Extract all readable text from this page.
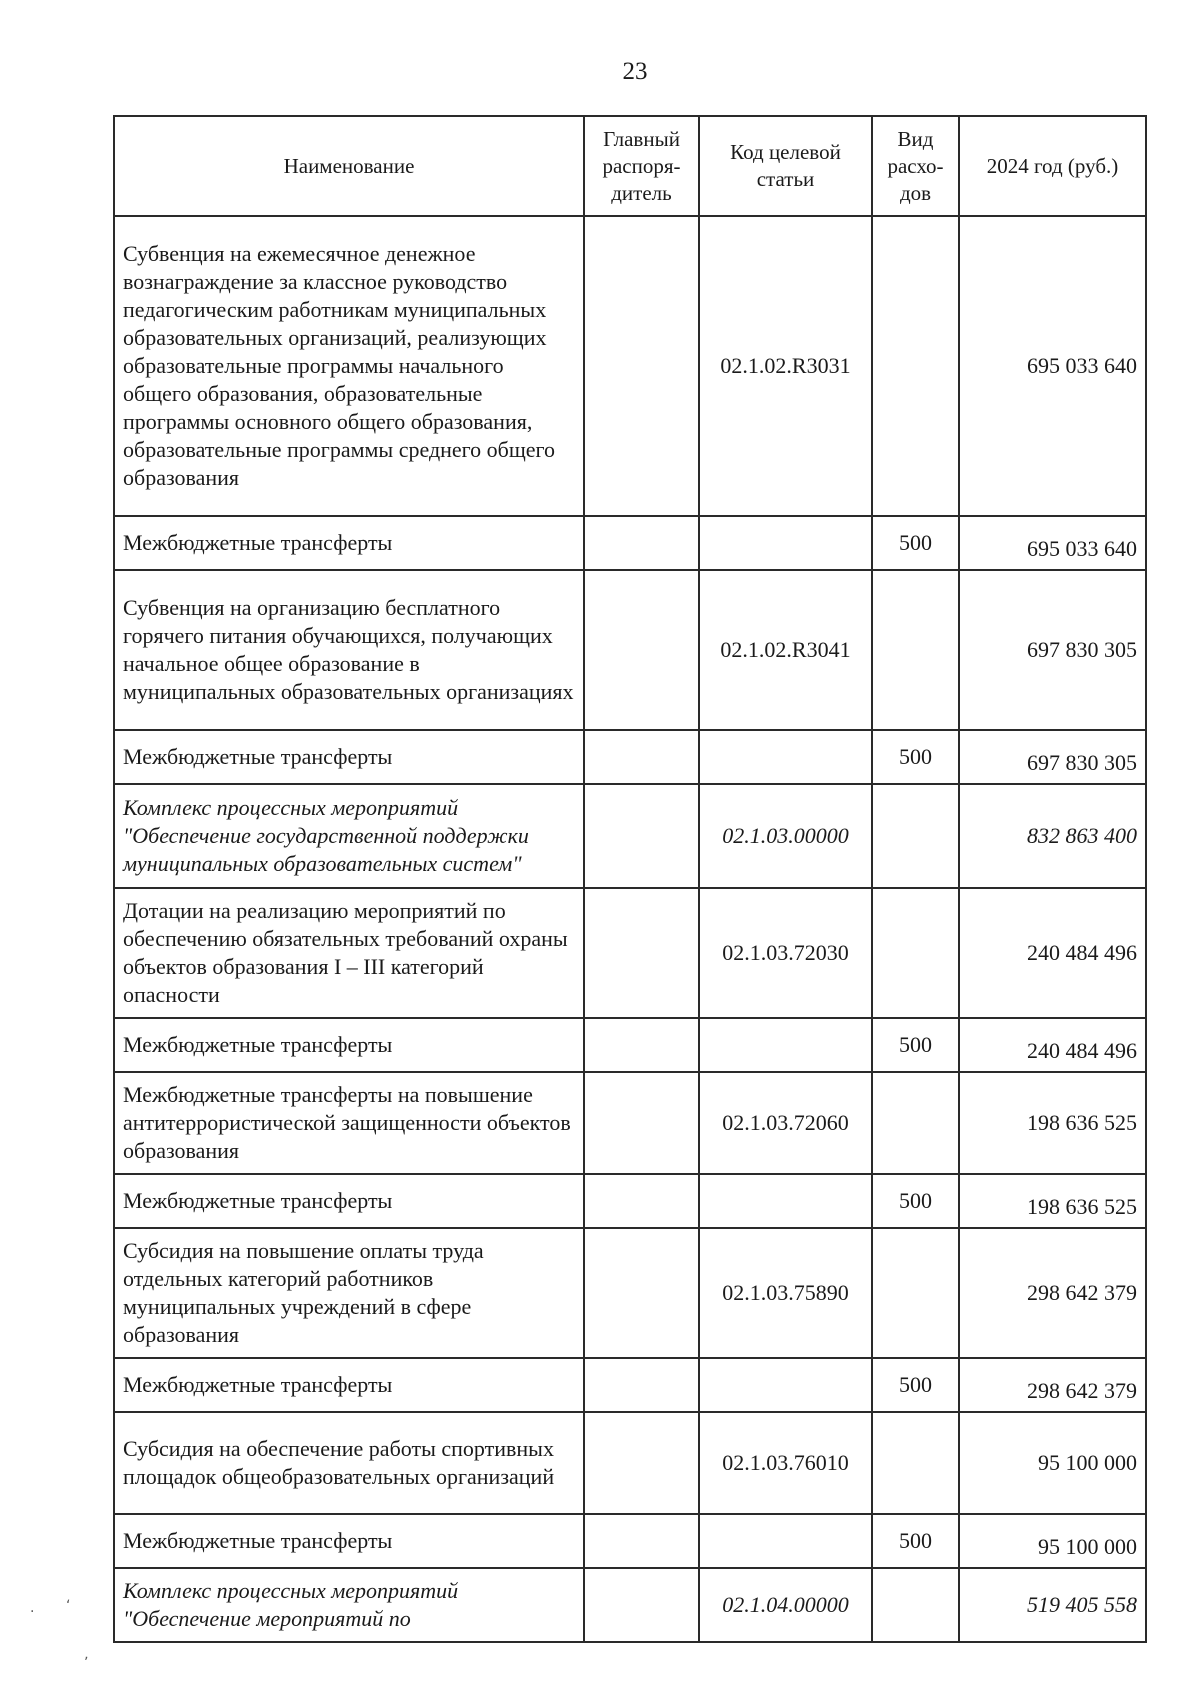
23
Наименование	Главный распоря-дитель	Код целевой статьи	Вид расхо-дов	2024 год (руб.)
Субвенция на ежемесячное денежное вознаграждение за классное руководство педагогическим работникам муниципальных образовательных организаций, реализующих образовательные программы начального общего образования, образовательные программы основного общего образования, образовательные программы среднего общего образования		02.1.02.R3031		695 033 640
Межбюджетные трансферты			500	695 033 640
Субвенция на организацию бесплатного горячего питания обучающихся, получающих начальное общее образование в муниципальных образовательных организациях		02.1.02.R3041		697 830 305
Межбюджетные трансферты			500	697 830 305
Комплекс процессных мероприятий "Обеспечение государственной поддержки муниципальных образовательных систем"		02.1.03.00000		832 863 400
Дотации на реализацию мероприятий по обеспечению обязательных требований охраны объектов образования I – III категорий опасности		02.1.03.72030		240 484 496
Межбюджетные трансферты			500	240 484 496
Межбюджетные трансферты на повышение антитеррористической защищенности объектов образования		02.1.03.72060		198 636 525
Межбюджетные трансферты			500	198 636 525
Субсидия на повышение оплаты труда отдельных категорий работников муниципальных учреждений в сфере образования		02.1.03.75890		298 642 379
Межбюджетные трансферты			500	298 642 379
Субсидия на обеспечение работы спортивных площадок общеобразовательных организаций		02.1.03.76010		95 100 000
Межбюджетные трансферты			500	95 100 000
Комплекс процессных мероприятий "Обеспечение мероприятий по		02.1.04.00000		519 405 558
‘
·
ʼ
